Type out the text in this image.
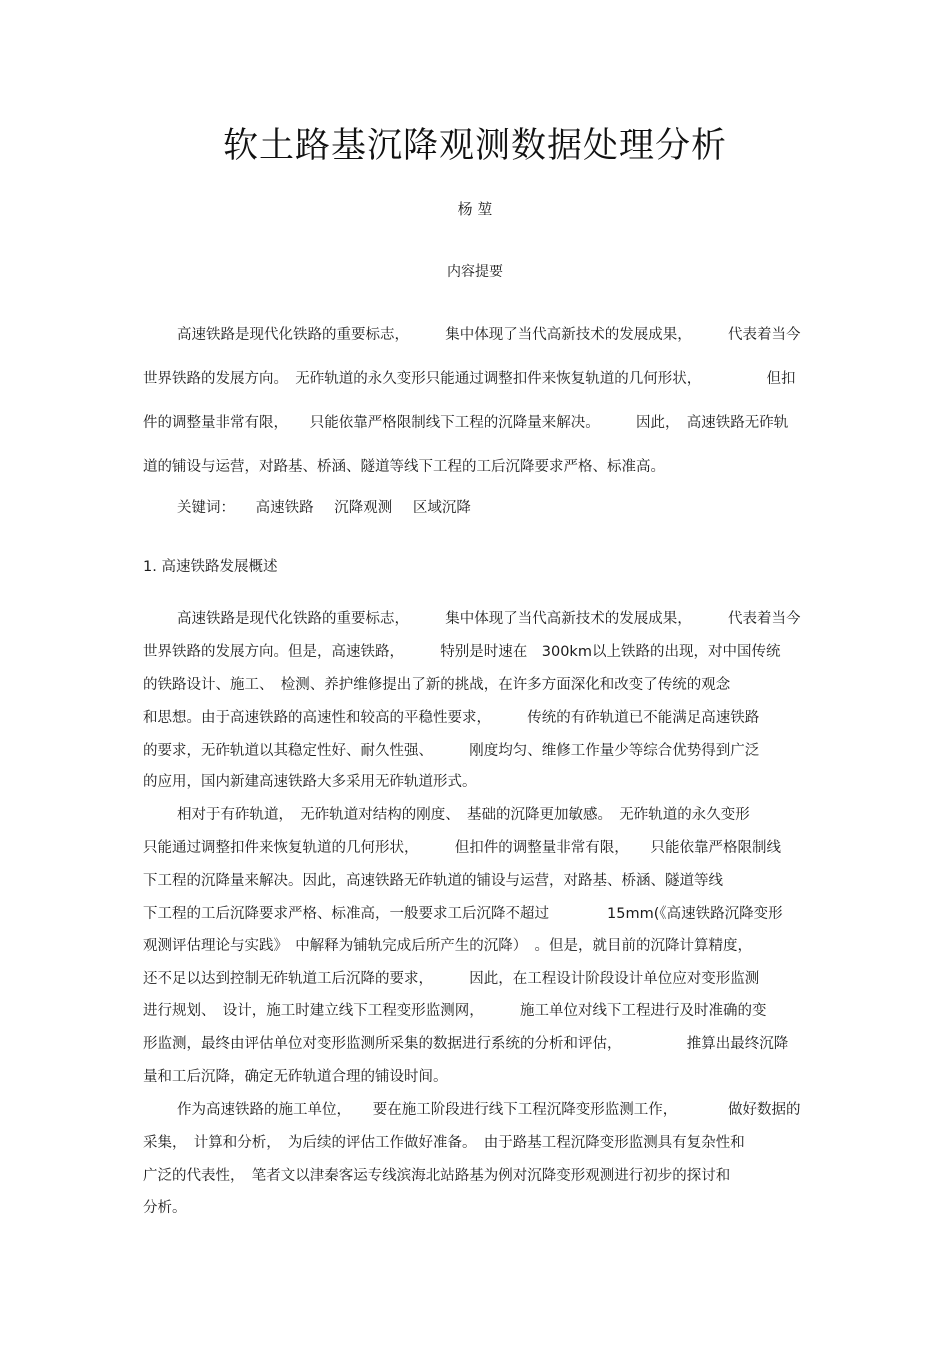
软土路基沉降观测数据处理分析
杨 堃
内容提要
高速铁路是现代化铁路的重要标志，　　　集中体现了当代高新技术的发展成果，　　　代表着当今
世界铁路的发展方向。　无砟轨道的永久变形只能通过调整扣件来恢复轨道的几何形状，　　　　　但扣
件的调整量非常有限，　　只能依靠严格限制线下工程的沉降量来解决。　　　因此，　高速铁路无砟轨
道的铺设与运营，对路基、桥涵、隧道等线下工程的工后沉降要求严格、标准高。
关键词： 高速铁路 沉降观测 区域沉降
1. 高速铁路发展概述
高速铁路是现代化铁路的重要标志，　　　集中体现了当代高新技术的发展成果，　　　代表着当今
世界铁路的发展方向。但是，高速铁路，　　　特别是时速在　300km以上铁路的出现，对中国传统
的铁路设计、施工、　检测、养护维修提出了新的挑战，在许多方面深化和改变了传统的观念
和思想。由于高速铁路的高速性和较高的平稳性要求，　　　传统的有砟轨道已不能满足高速铁路
的要求，无砟轨道以其稳定性好、耐久性强、　　　刚度均匀、维修工作量少等综合优势得到广泛
的应用，国内新建高速铁路大多采用无砟轨道形式。
相对于有砟轨道，　无砟轨道对结构的刚度、　基础的沉降更加敏感。　无砟轨道的永久变形
只能通过调整扣件来恢复轨道的几何形状，　　　但扣件的调整量非常有限，　　只能依靠严格限制线
下工程的沉降量来解决。因此，高速铁路无砟轨道的铺设与运营，对路基、桥涵、隧道等线
下工程的工后沉降要求严格、标准高，一般要求工后沉降不超过　　　　15mm(《高速铁路沉降变形
观测评估理论与实践》　中解释为铺轨完成后所产生的沉降）　。但是，就目前的沉降计算精度，
还不足以达到控制无砟轨道工后沉降的要求，　　　因此，在工程设计阶段设计单位应对变形监测
进行规划、　设计，施工时建立线下工程变形监测网，　　　施工单位对线下工程进行及时准确的变
形监测，最终由评估单位对变形监测所采集的数据进行系统的分析和评估，　　　　　推算出最终沉降
量和工后沉降，确定无砟轨道合理的铺设时间。
作为高速铁路的施工单位，　　要在施工阶段进行线下工程沉降变形监测工作，　　　　做好数据的
采集，　计算和分析，　为后续的评估工作做好准备。　由于路基工程沉降变形监测具有复杂性和
广泛的代表性，　笔者文以津秦客运专线滨海北站路基为例对沉降变形观测进行初步的探讨和
分析。
